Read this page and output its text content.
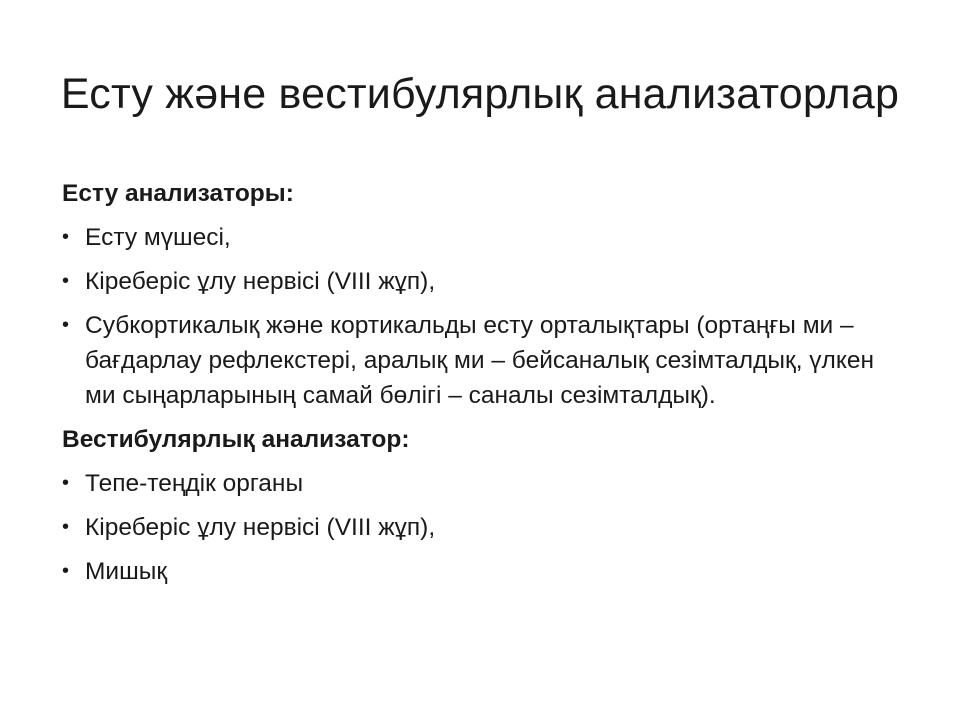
Есту және вестибулярлық анализаторлар
Есту анализаторы:
• Есту мүшесі,
• Кіреберіс ұлу нервісі (VIII жұп),
• Субкортикалық және кортикальды есту орталықтары (ортаңғы ми – бағдарлау рефлекстері, аралық ми – бейсаналық сезімталдық, үлкен ми сыңарларының самай бөлігі – саналы сезімталдық).
Вестибулярлық анализатор:
• Тепе-теңдік органы
• Кіреберіс ұлу нервісі (VIII жұп),
• Мишық
